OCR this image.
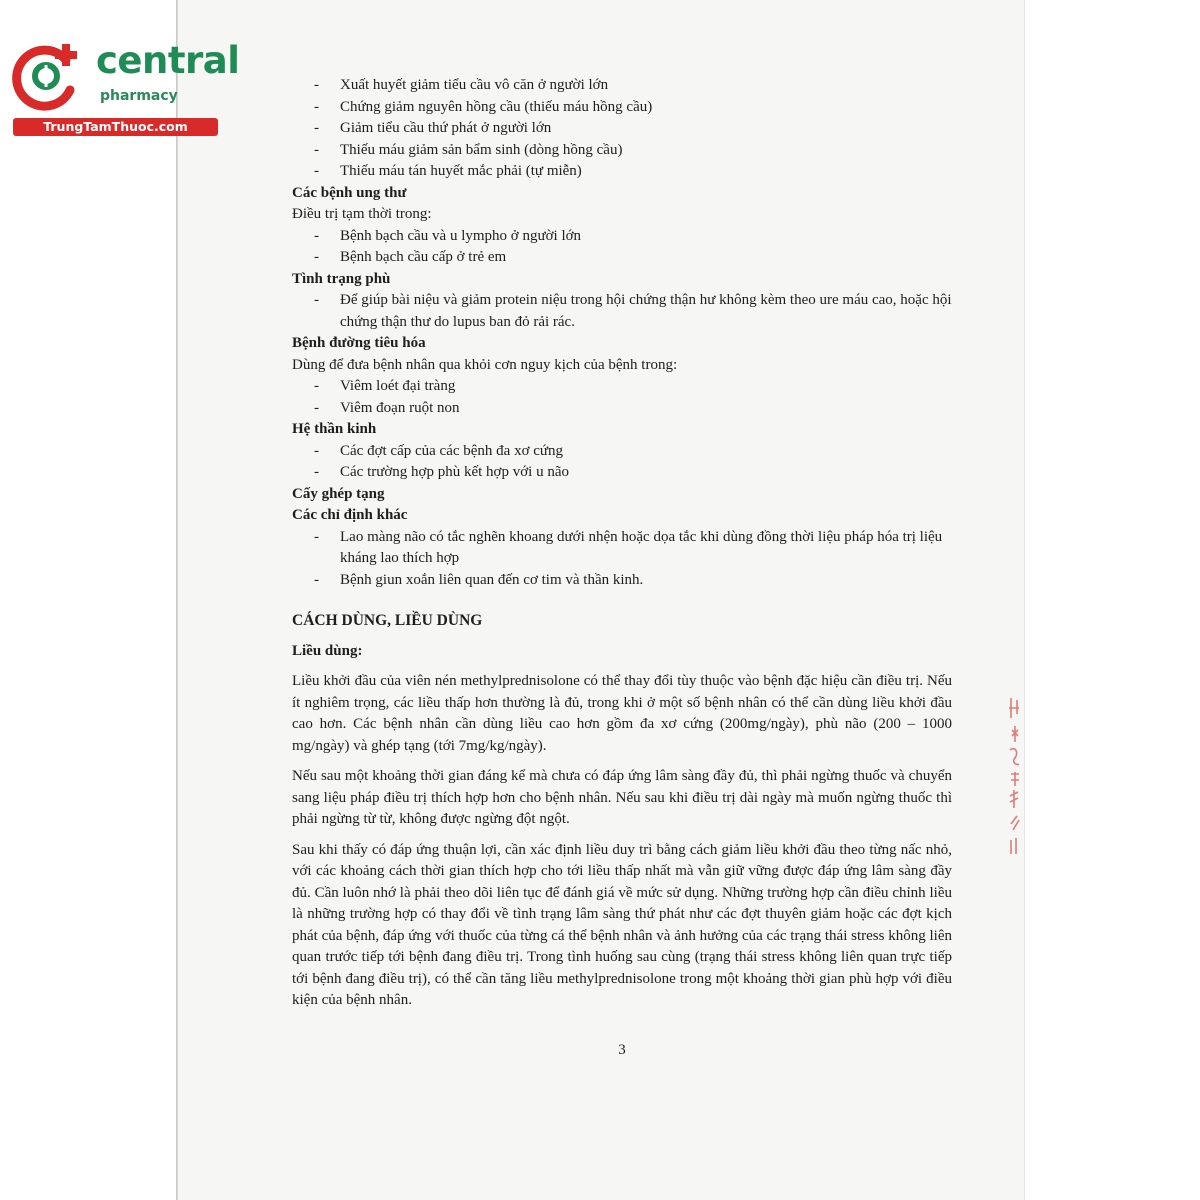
central
pharmacy
TrungTamThuoc.com
- Xuất huyết giảm tiểu cầu vô căn ở người lớn
- Chứng giảm nguyên hồng cầu (thiếu máu hồng cầu)
- Giảm tiểu cầu thứ phát ở người lớn
- Thiếu máu giảm sản bẩm sinh (dòng hồng cầu)
- Thiếu máu tán huyết mắc phải (tự miễn)
Các bệnh ung thư
Điều trị tạm thời trong:
- Bệnh bạch cầu và u lympho ở người lớn
- Bệnh bạch cầu cấp ở trẻ em
Tình trạng phù
- Để giúp bài niệu và giảm protein niệu trong hội chứng thận hư không kèm theo ure máu cao, hoặc hội chứng thận thư do lupus ban đỏ rải rác.
Bệnh đường tiêu hóa
Dùng để đưa bệnh nhân qua khỏi cơn nguy kịch của bệnh trong:
- Viêm loét đại tràng
- Viêm đoạn ruột non
Hệ thần kinh
- Các đợt cấp của các bệnh đa xơ cứng
- Các trường hợp phù kết hợp với u não
Cấy ghép tạng
Các chỉ định khác
- Lao màng não có tắc nghẽn khoang dưới nhện hoặc dọa tắc khi dùng đồng thời liệu pháp hóa trị liệu kháng lao thích hợp
- Bệnh giun xoắn liên quan đến cơ tim và thần kinh.
CÁCH DÙNG, LIỀU DÙNG
Liều dùng:
Liều khởi đầu của viên nén methylprednisolone có thể thay đổi tùy thuộc vào bệnh đặc hiệu cần điều trị. Nếu ít nghiêm trọng, các liều thấp hơn thường là đủ, trong khi ở một số bệnh nhân có thể cần dùng liều khởi đầu cao hơn. Các bệnh nhân cần dùng liều cao hơn gồm đa xơ cứng (200mg/ngày), phù não (200 – 1000 mg/ngày) và ghép tạng (tới 7mg/kg/ngày).
Nếu sau một khoảng thời gian đáng kể mà chưa có đáp ứng lâm sàng đầy đủ, thì phải ngừng thuốc và chuyển sang liệu pháp điều trị thích hợp hơn cho bệnh nhân. Nếu sau khi điều trị dài ngày mà muốn ngừng thuốc thì phải ngừng từ từ, không được ngừng đột ngột.
Sau khi thấy có đáp ứng thuận lợi, cần xác định liều duy trì bằng cách giảm liều khởi đầu theo từng nấc nhỏ, với các khoảng cách thời gian thích hợp cho tới liều thấp nhất mà vẫn giữ vững được đáp ứng lâm sàng đầy đủ. Cần luôn nhớ là phải theo dõi liên tục để đánh giá về mức sử dụng. Những trường hợp cần điều chỉnh liều là những trường hợp có thay đổi về tình trạng lâm sàng thứ phát như các đợt thuyên giảm hoặc các đợt kịch phát của bệnh, đáp ứng với thuốc của từng cá thể bệnh nhân và ảnh hưởng của các trạng thái stress không liên quan trước tiếp tới bệnh đang điều trị. Trong tình huống sau cùng (trạng thái stress không liên quan trực tiếp tới bệnh đang điều trị), có thể cần tăng liều methylprednisolone trong một khoảng thời gian phù hợp với điều kiện của bệnh nhân.
3
